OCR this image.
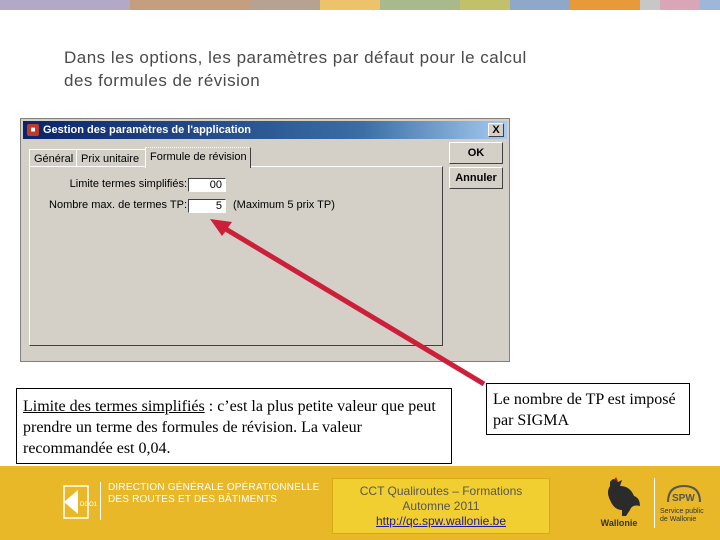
Dans les options, les paramètres par défaut pour le calcul
des formules de révision
■ Gestion des paramètres de l'application	X
Général Prix unitaire Formule de révision
Limite termes simplifiés:	00
Nombre max. de termes TP:	5	(Maximum 5 prix TP)
OK
Annuler
Limite des termes simplifiés : c’est la plus petite valeur que peut prendre un terme des formules de révision. La valeur recommandée est 0,04.
Le nombre de TP est imposé par SIGMA
DGO1
DIRECTION GÉNÉRALE OPÉRATIONNELLE
DES ROUTES ET DES BÂTIMENTS
CCT Qualiroutes – Formations
Automne 2011
http://qc.spw.wallonie.be	Wallonie
SPW
Service public de Wallonie
